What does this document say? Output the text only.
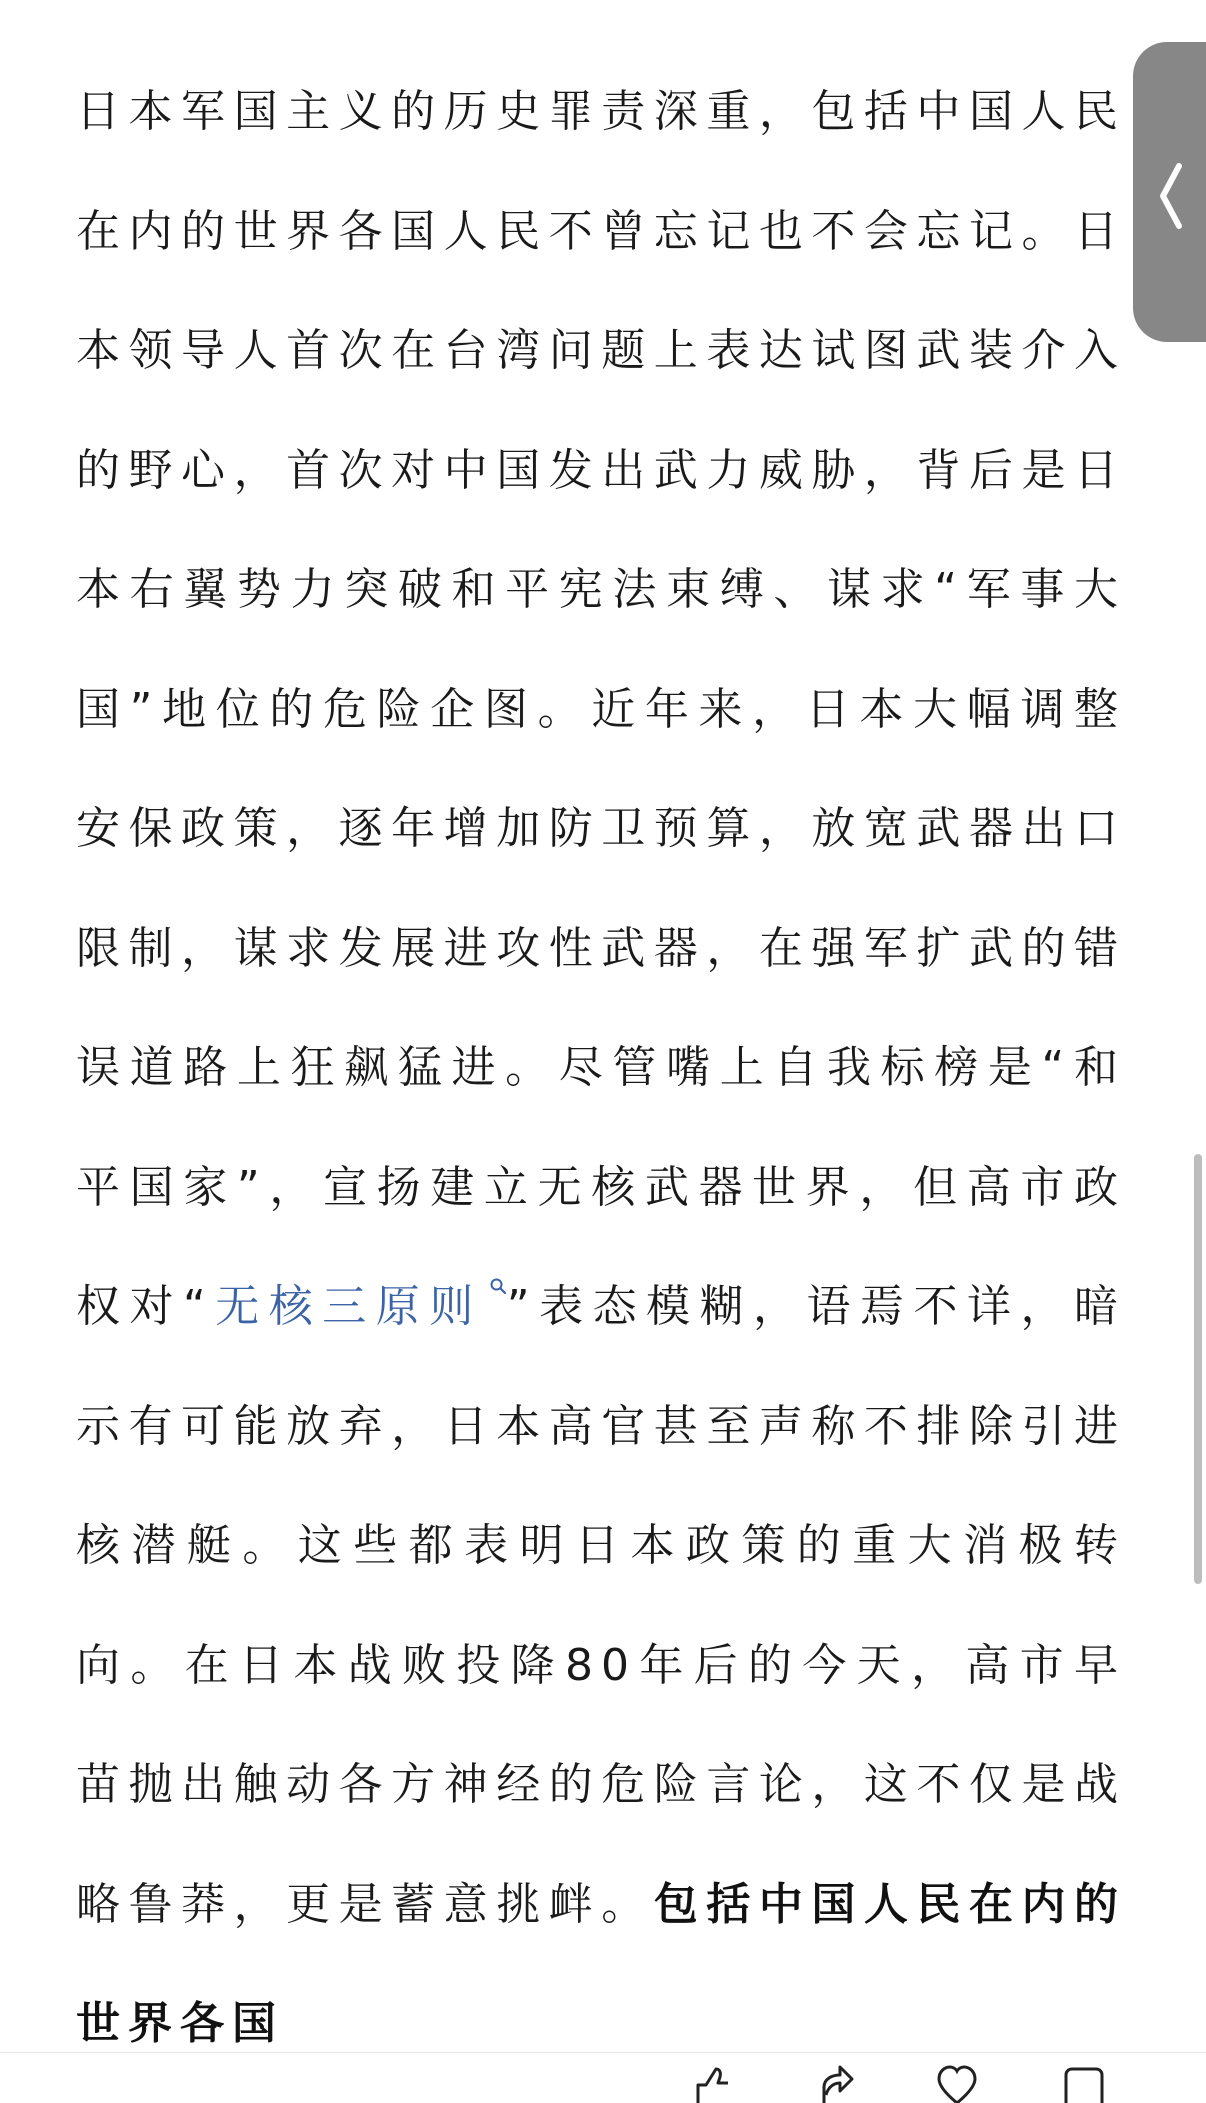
日本军国主义的历史罪责深重，包括中国人民在内的世界各国人民不曾忘记也不会忘记。日本领导人首次在台湾问题上表达试图武装介入的野心，首次对中国发出武力威胁，背后是日本右翼势力突破和平宪法束缚、谋求“军事大国”地位的危险企图。近年来，日本大幅调整安保政策，逐年增加防卫预算，放宽武器出口限制，谋求发展进攻性武器，在强军扩武的错误道路上狂飙猛进。尽管嘴上自我标榜是“和平国家”，宣扬建立无核武器世界，但高市政权对“无核三原则 ”表态模糊，语焉不详，暗示有可能放弃，日本高官甚至声称不排除引进核潜艇。这些都表明日本政策的重大消极转向。在日本战败投降80年后的今天，高市早苗抛出触动各方神经的危险言论，这不仅是战略鲁莽，更是蓄意挑衅。包括中国人民在内的世界各国
